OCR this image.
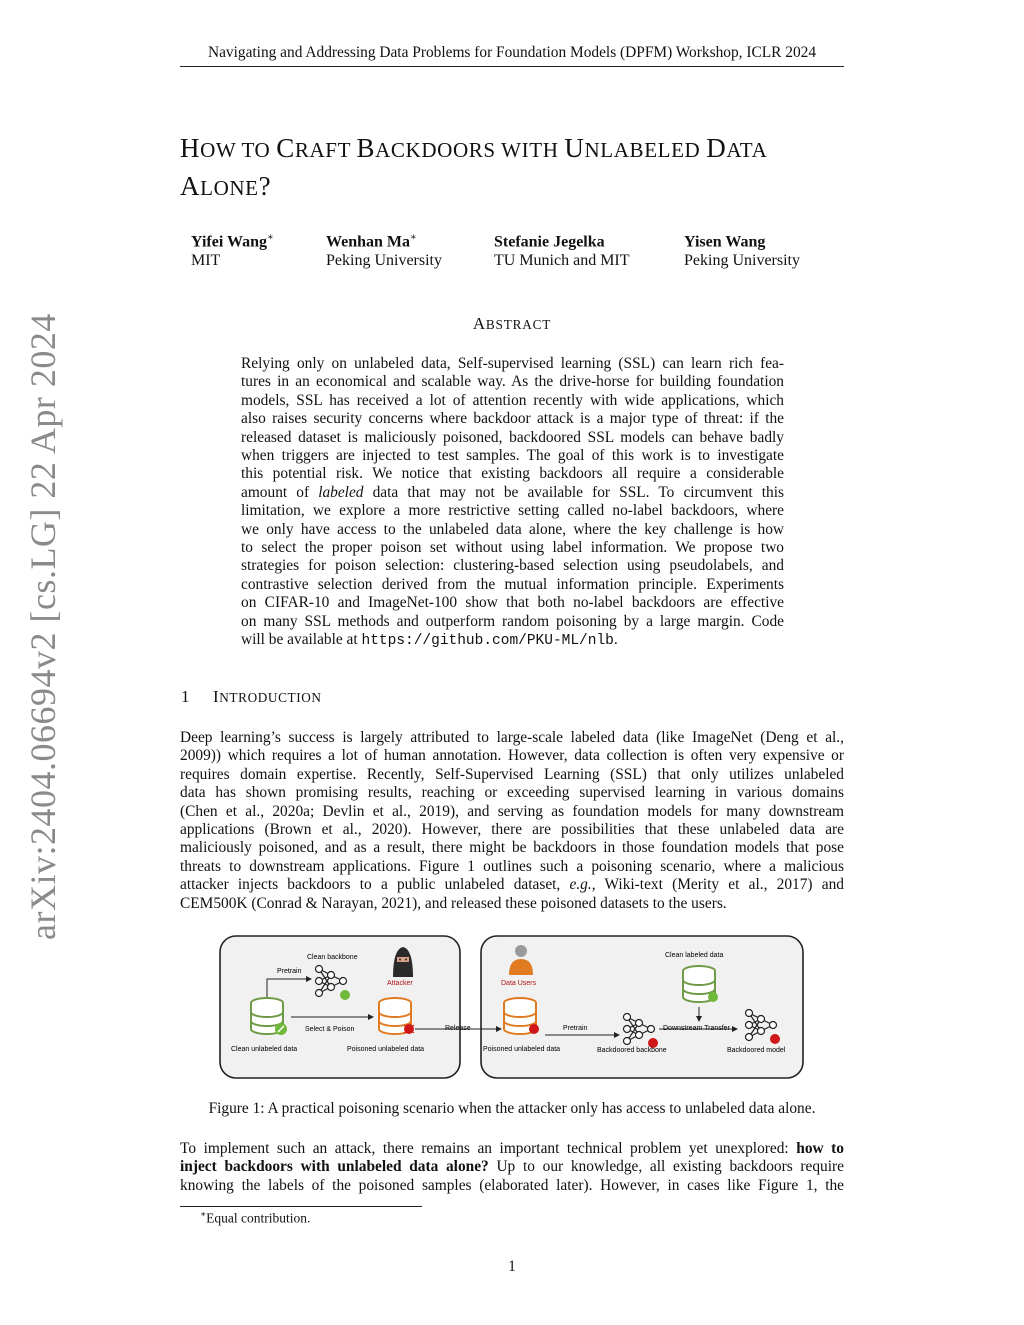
Navigating and Addressing Data Problems for Foundation Models (DPFM) Workshop, ICLR 2024
arXiv:2404.06694v2 [cs.LG] 22 Apr 2024
HOW TO CRAFT BACKDOORS WITH UNLABELED DATA
ALONE?
Yifei Wang∗
MIT
Wenhan Ma∗
Peking University
Stefanie Jegelka
TU Munich and MIT
Yisen Wang
Peking University
ABSTRACT
Relying only on unlabeled data, Self-supervised learning (SSL) can learn rich fea-
tures in an economical and scalable way. As the drive-horse for building foundation
models, SSL has received a lot of attention recently with wide applications, which
also raises security concerns where backdoor attack is a major type of threat: if the
released dataset is maliciously poisoned, backdoored SSL models can behave badly
when triggers are injected to test samples. The goal of this work is to investigate
this potential risk. We notice that existing backdoors all require a considerable
amount of labeled data that may not be available for SSL. To circumvent this
limitation, we explore a more restrictive setting called no-label backdoors, where
we only have access to the unlabeled data alone, where the key challenge is how
to select the proper poison set without using label information. We propose two
strategies for poison selection: clustering-based selection using pseudolabels, and
contrastive selection derived from the mutual information principle. Experiments
on CIFAR-10 and ImageNet-100 show that both no-label backdoors are effective
on many SSL methods and outperform random poisoning by a large margin. Code
will be available at https://github.com/PKU-ML/nlb.
1 INTRODUCTION
Deep learning’s success is largely attributed to large-scale labeled data (like ImageNet (Deng et al.,
2009)) which requires a lot of human annotation. However, data collection is often very expensive or
requires domain expertise. Recently, Self-Supervised Learning (SSL) that only utilizes unlabeled
data has shown promising results, reaching or exceeding supervised learning in various domains
(Chen et al., 2020a; Devlin et al., 2019), and serving as foundation models for many downstream
applications (Brown et al., 2020). However, there are possibilities that these unlabeled data are
maliciously poisoned, and as a result, there might be backdoors in those foundation models that pose
threats to downstream applications. Figure 1 outlines such a poisoning scenario, where a malicious
attacker injects backdoors to a public unlabeled dataset, e.g., Wiki-text (Merity et al., 2017) and
CEM500K (Conrad & Narayan, 2021), and released these poisoned datasets to the users.
Clean unlabeled data
Pretrain
Clean backbone
Attacker
Select & Poison
Poisoned unlabeled data
Release
Data Users
Poisoned unlabeled data
Pretrain
Backdoored backbone
Clean labeled data
Downstream Transfer
Backdoored model
Figure 1: A practical poisoning scenario when the attacker only has access to unlabeled data alone.
To implement such an attack, there remains an important technical problem yet unexplored: how to
inject backdoors with unlabeled data alone? Up to our knowledge, all existing backdoors require
knowing the labels of the poisoned samples (elaborated later). However, in cases like Figure 1, the
∗Equal contribution.
1
